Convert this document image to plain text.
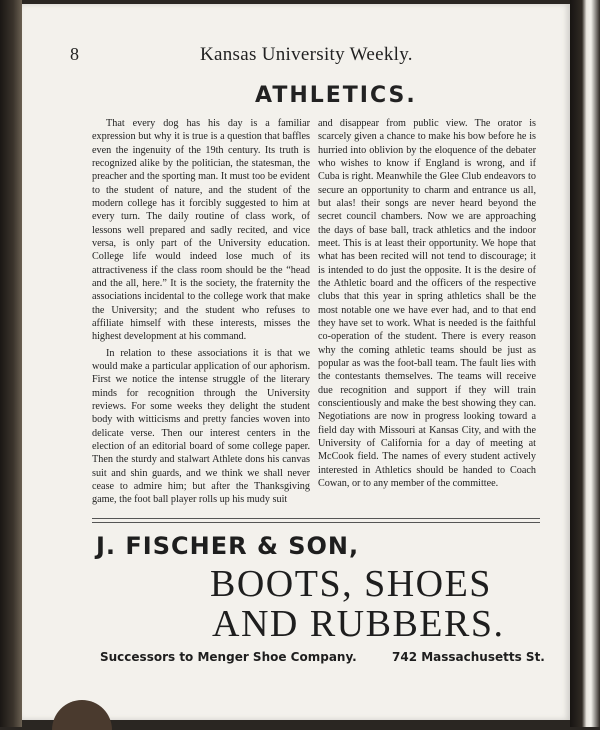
8	Kansas University Weekly.
ATHLETICS.

That every dog has his day is a familiar expression but why it is true is a question that baffles even the ingenuity of the 19th century. Its truth is recognized alike by the politician, the statesman, the preacher and the sporting man. It must too be evident to the student of nature, and the student of the modern college has it forcibly suggested to him at every turn. The daily routine of class work, of lessons well prepared and sadly recited, and vice versa, is only part of the University education. College life would indeed lose much of its attractiveness if the class room should be the “head and the all, here.” It is the society, the fraternity the associations incidental to the college work that make the University; and the student who refuses to affiliate himself with these interests, misses the highest development at his command.

In relation to these associations it is that we would make a particular application of our aphorism. First we notice the intense struggle of the literary minds for recognition through the University reviews. For some weeks they delight the student body with witticisms and pretty fancies woven into delicate verse. Then our interest centers in the election of an editorial board of some college paper. Then the sturdy and stalwart Athlete dons his canvas suit and shin guards, and we think we shall never cease to admire him; but after the Thanksgiving game, the foot ball player rolls up his mudy suit

and disappear from public view. The orator is scarcely given a chance to make his bow before he is hurried into oblivion by the eloquence of the debater who wishes to know if England is wrong, and if Cuba is right. Meanwhile the Glee Club endeavors to secure an opportunity to charm and entrance us all, but alas! their songs are never heard beyond the secret council chambers. Now we are approaching the days of base ball, track athletics and the indoor meet. This is at least their opportunity. We hope that what has been recited will not tend to discourage; it is intended to do just the opposite. It is the desire of the Athletic board and the officers of the respective clubs that this year in spring athletics shall be the most notable one we have ever had, and to that end they have set to work. What is needed is the faithful co-operation of the student. There is every reason why the coming athletic teams should be just as popular as was the foot-ball team. The fault lies with the contestants themselves. The teams will receive due recognition and support if they will train conscientiously and make the best showing they can. Negotiations are now in progress looking toward a field day with Missouri at Kansas City, and with the University of California for a day of meeting at McCook field. The names of every student actively interested in Athletics should be handed to Coach Cowan, or to any member of the committee.

J. FISCHER & SON,
BOOTS, SHOES
AND RUBBERS.
Successors to Menger Shoe Company.	742 Massachusetts St.
